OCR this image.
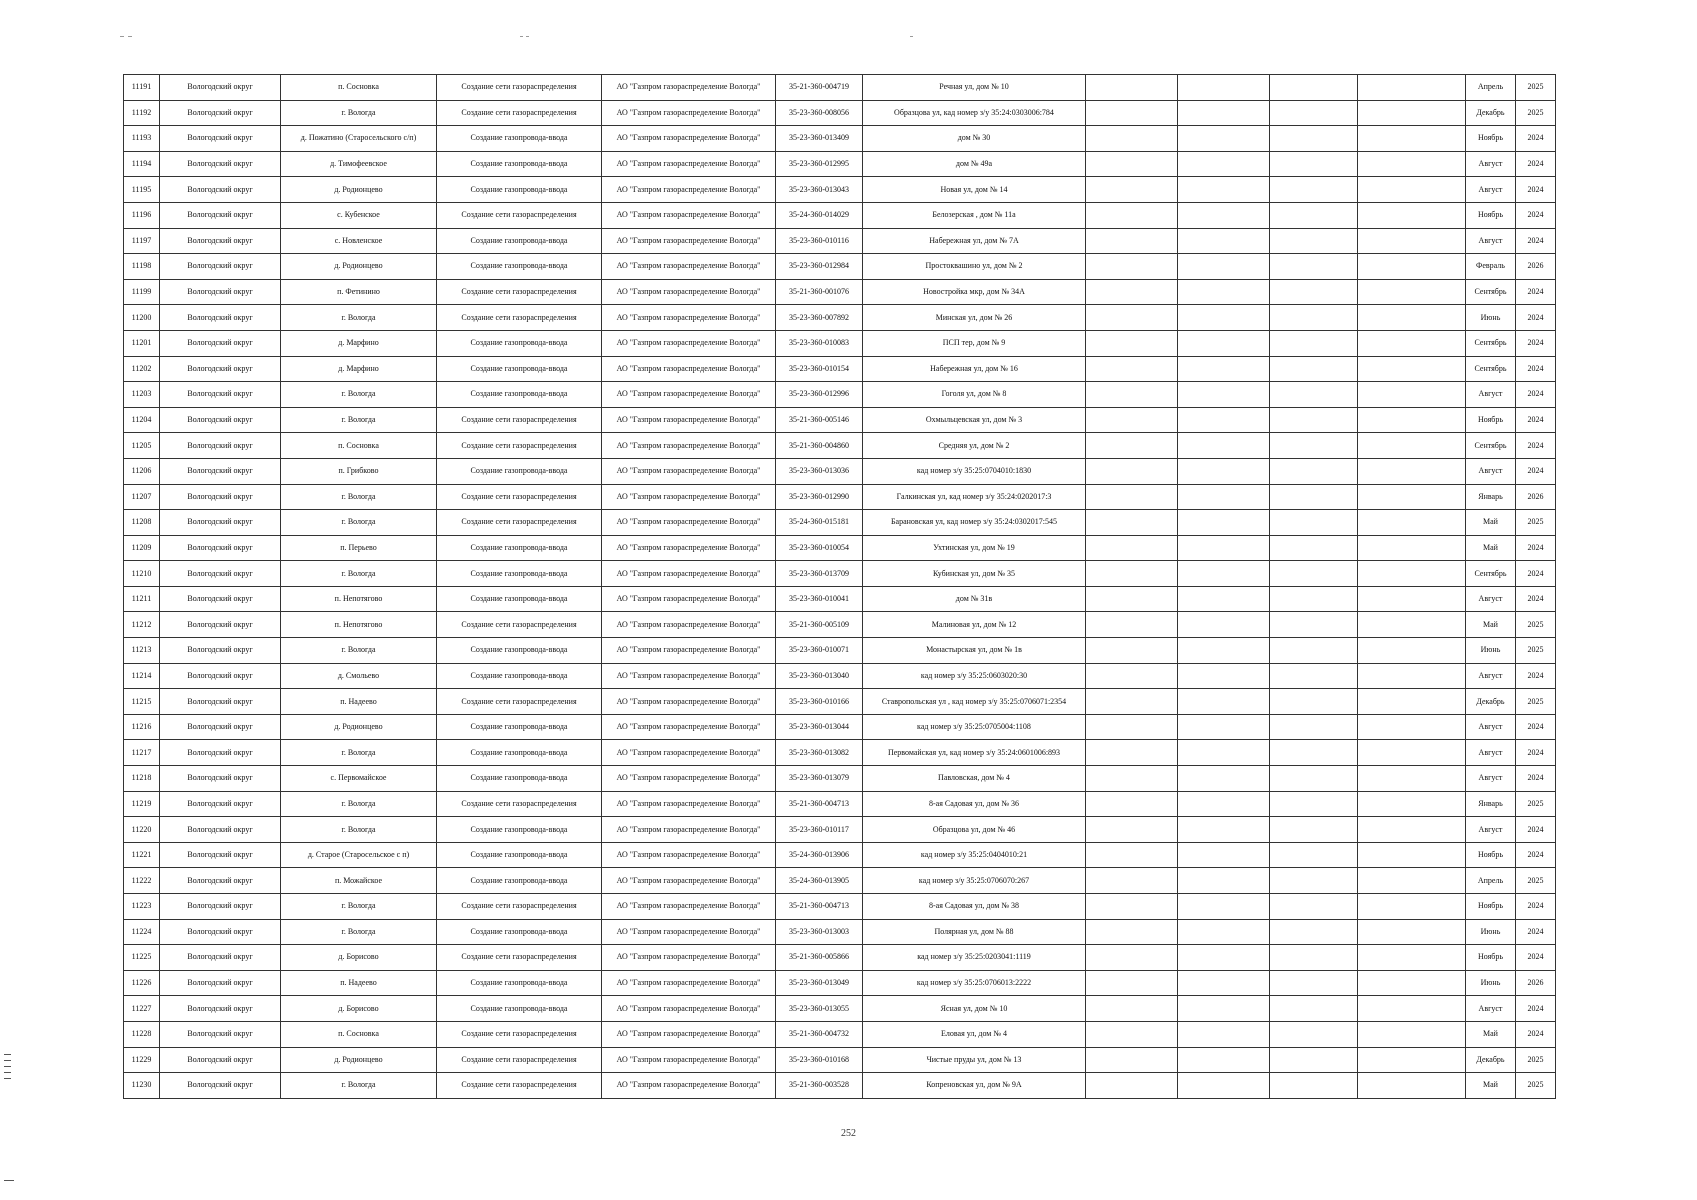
11191	Вологодский округ	п. Сосновка	Создание сети газораспределения	АО "Газпром газораспределение Вологда"	35-21-360-004719	Речная ул, дом № 10					Апрель	2025
11192	Вологодский округ	г. Вологда	Создание сети газораспределения	АО "Газпром газораспределение Вологда"	35-23-360-008056	Образцова ул, кад номер з/у 35:24:0303006:784					Декабрь	2025
11193	Вологодский округ	д. Пожатино (Старосельского с/п)	Создание газопровода-ввода	АО "Газпром газораспределение Вологда"	35-23-360-013409	дом № 30					Ноябрь	2024
11194	Вологодский округ	д. Тимофеевское	Создание газопровода-ввода	АО "Газпром газораспределение Вологда"	35-23-360-012995	дом № 49а					Август	2024
11195	Вологодский округ	д. Родионцево	Создание газопровода-ввода	АО "Газпром газораспределение Вологда"	35-23-360-013043	Новая ул, дом № 14					Август	2024
11196	Вологодский округ	с. Кубенское	Создание сети газораспределения	АО "Газпром газораспределение Вологда"	35-24-360-014029	Белозерская , дом № 11а					Ноябрь	2024
11197	Вологодский округ	с. Новленское	Создание газопровода-ввода	АО "Газпром газораспределение Вологда"	35-23-360-010116	Набережная ул, дом № 7А					Август	2024
11198	Вологодский округ	д. Родионцево	Создание газопровода-ввода	АО "Газпром газораспределение Вологда"	35-23-360-012984	Простоквашино ул, дом № 2					Февраль	2026
11199	Вологодский округ	п. Фетинино	Создание сети газораспределения	АО "Газпром газораспределение Вологда"	35-21-360-001076	Новостройка мкр, дом № 34А					Сентябрь	2024
11200	Вологодский округ	г. Вологда	Создание сети газораспределения	АО "Газпром газораспределение Вологда"	35-23-360-007892	Минская ул, дом № 26					Июнь	2024
11201	Вологодский округ	д. Марфино	Создание газопровода-ввода	АО "Газпром газораспределение Вологда"	35-23-360-010083	ПСП тер, дом № 9					Сентябрь	2024
11202	Вологодский округ	д. Марфино	Создание газопровода-ввода	АО "Газпром газораспределение Вологда"	35-23-360-010154	Набережная ул, дом № 16					Сентябрь	2024
11203	Вологодский округ	г. Вологда	Создание газопровода-ввода	АО "Газпром газораспределение Вологда"	35-23-360-012996	Гоголя ул, дом № 8					Август	2024
11204	Вологодский округ	г. Вологда	Создание сети газораспределения	АО "Газпром газораспределение Вологда"	35-21-360-005146	Охмыльцевская ул, дом № 3					Ноябрь	2024
11205	Вологодский округ	п. Сосновка	Создание сети газораспределения	АО "Газпром газораспределение Вологда"	35-21-360-004860	Средняя ул, дом № 2					Сентябрь	2024
11206	Вологодский округ	п. Грибково	Создание газопровода-ввода	АО "Газпром газораспределение Вологда"	35-23-360-013036	кад номер з/у 35:25:0704010:1830					Август	2024
11207	Вологодский округ	г. Вологда	Создание сети газораспределения	АО "Газпром газораспределение Вологда"	35-23-360-012990	Галкинская ул, кад номер з/у 35:24:0202017:3					Январь	2026
11208	Вологодский округ	г. Вологда	Создание сети газораспределения	АО "Газпром газораспределение Вологда"	35-24-360-015181	Барановская ул, кад номер з/у 35:24:0302017:545					Май	2025
11209	Вологодский округ	п. Перьево	Создание газопровода-ввода	АО "Газпром газораспределение Вологда"	35-23-360-010054	Ухтинская ул, дом № 19					Май	2024
11210	Вологодский округ	г. Вологда	Создание газопровода-ввода	АО "Газпром газораспределение Вологда"	35-23-360-013709	Кубинская ул, дом № 35					Сентябрь	2024
11211	Вологодский округ	п. Непотягово	Создание газопровода-ввода	АО "Газпром газораспределение Вологда"	35-23-360-010041	дом № 31в					Август	2024
11212	Вологодский округ	п. Непотягово	Создание сети газораспределения	АО "Газпром газораспределение Вологда"	35-21-360-005109	Малиновая ул, дом № 12					Май	2025
11213	Вологодский округ	г. Вологда	Создание газопровода-ввода	АО "Газпром газораспределение Вологда"	35-23-360-010071	Монастырская ул, дом № 1в					Июнь	2025
11214	Вологодский округ	д. Смольево	Создание газопровода-ввода	АО "Газпром газораспределение Вологда"	35-23-360-013040	кад номер з/у 35:25:0603020:30					Август	2024
11215	Вологодский округ	п. Надеево	Создание сети газораспределения	АО "Газпром газораспределение Вологда"	35-23-360-010166	Ставропольская ул , кад номер з/у 35:25:0706071:2354					Декабрь	2025
11216	Вологодский округ	д. Родионцево	Создание газопровода-ввода	АО "Газпром газораспределение Вологда"	35-23-360-013044	кад номер з/у 35:25:0705004:1108					Август	2024
11217	Вологодский округ	г. Вологда	Создание газопровода-ввода	АО "Газпром газораспределение Вологда"	35-23-360-013082	Первомайская ул, кад номер з/у 35:24:0601006:893					Август	2024
11218	Вологодский округ	с. Первомайское	Создание газопровода-ввода	АО "Газпром газораспределение Вологда"	35-23-360-013079	Павловская, дом № 4					Август	2024
11219	Вологодский округ	г. Вологда	Создание сети газораспределения	АО "Газпром газораспределение Вологда"	35-21-360-004713	8-ая Садовая ул, дом № 36					Январь	2025
11220	Вологодский округ	г. Вологда	Создание газопровода-ввода	АО "Газпром газораспределение Вологда"	35-23-360-010117	Образцова ул, дом № 46					Август	2024
11221	Вологодский округ	д. Старое (Старосельское с п)	Создание газопровода-ввода	АО "Газпром газораспределение Вологда"	35-24-360-013906	кад номер з/у 35:25:0404010:21					Ноябрь	2024
11222	Вологодский округ	п. Можайское	Создание газопровода-ввода	АО "Газпром газораспределение Вологда"	35-24-360-013905	кад номер з/у 35:25:0706070:267					Апрель	2025
11223	Вологодский округ	г. Вологда	Создание сети газораспределения	АО "Газпром газораспределение Вологда"	35-21-360-004713	8-ая Садовая ул, дом № 38					Ноябрь	2024
11224	Вологодский округ	г. Вологда	Создание газопровода-ввода	АО "Газпром газораспределение Вологда"	35-23-360-013003	Полярная ул, дом № 88					Июнь	2024
11225	Вологодский округ	д. Борисово	Создание сети газораспределения	АО "Газпром газораспределение Вологда"	35-21-360-005866	кад номер з/у 35:25:0203041:1119					Ноябрь	2024
11226	Вологодский округ	п. Надеево	Создание газопровода-ввода	АО "Газпром газораспределение Вологда"	35-23-360-013049	кад номер з/у 35:25:0706013:2222					Июнь	2026
11227	Вологодский округ	д. Борисово	Создание газопровода-ввода	АО "Газпром газораспределение Вологда"	35-23-360-013055	Ясная ул, дом № 10					Август	2024
11228	Вологодский округ	п. Сосновка	Создание сети газораспределения	АО "Газпром газораспределение Вологда"	35-21-360-004732	Еловая ул, дом № 4					Май	2024
11229	Вологодский округ	д. Родионцево	Создание сети газораспределения	АО "Газпром газораспределение Вологда"	35-23-360-010168	Чистые пруды ул, дом № 13					Декабрь	2025
11230	Вологодский округ	г. Вологда	Создание сети газораспределения	АО "Газпром газораспределение Вологда"	35-21-360-003528	Копреновская ул, дом № 9А					Май	2025
252
